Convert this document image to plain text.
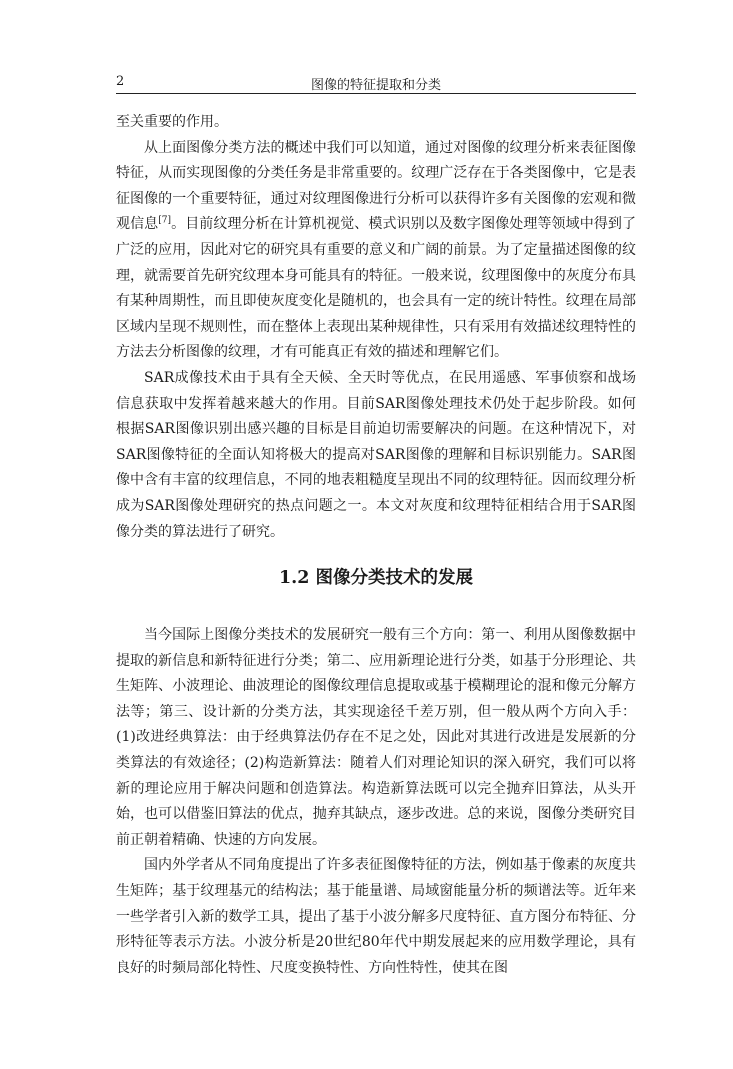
2	图像的特征提取和分类

至关重要的作用。

从上面图像分类方法的概述中我们可以知道，通过对图像的纹理分析来表征图像特征，从而实现图像的分类任务是非常重要的。纹理广泛存在于各类图像中，它是表征图像的一个重要特征，通过对纹理图像进行分析可以获得许多有关图像的宏观和微观信息[7]。目前纹理分析在计算机视觉、模式识别以及数字图像处理等领域中得到了广泛的应用，因此对它的研究具有重要的意义和广阔的前景。为了定量描述图像的纹理，就需要首先研究纹理本身可能具有的特征。一般来说，纹理图像中的灰度分布具有某种周期性，而且即使灰度变化是随机的，也会具有一定的统计特性。纹理在局部区域内呈现不规则性，而在整体上表现出某种规律性，只有采用有效描述纹理特性的方法去分析图像的纹理，才有可能真正有效的描述和理解它们。

SAR成像技术由于具有全天候、全天时等优点，在民用遥感、军事侦察和战场信息获取中发挥着越来越大的作用。目前SAR图像处理技术仍处于起步阶段。如何根据SAR图像识别出感兴趣的目标是目前迫切需要解决的问题。在这种情况下，对SAR图像特征的全面认知将极大的提高对SAR图像的理解和目标识别能力。SAR图像中含有丰富的纹理信息，不同的地表粗糙度呈现出不同的纹理特征。因而纹理分析成为SAR图像处理研究的热点问题之一。本文对灰度和纹理特征相结合用于SAR图像分类的算法进行了研究。

1.2 图像分类技术的发展

当今国际上图像分类技术的发展研究一般有三个方向：第一、利用从图像数据中提取的新信息和新特征进行分类；第二、应用新理论进行分类，如基于分形理论、共生矩阵、小波理论、曲波理论的图像纹理信息提取或基于模糊理论的混和像元分解方法等；第三、设计新的分类方法，其实现途径千差万别，但一般从两个方向入手：(1)改进经典算法：由于经典算法仍存在不足之处，因此对其进行改进是发展新的分类算法的有效途径；(2)构造新算法：随着人们对理论知识的深入研究，我们可以将新的理论应用于解决问题和创造算法。构造新算法既可以完全抛弃旧算法，从头开始，也可以借鉴旧算法的优点，抛弃其缺点，逐步改进。总的来说，图像分类研究目前正朝着精确、快速的方向发展。

国内外学者从不同角度提出了许多表征图像特征的方法，例如基于像素的灰度共生矩阵；基于纹理基元的结构法；基于能量谱、局域窗能量分析的频谱法等。近年来一些学者引入新的数学工具，提出了基于小波分解多尺度特征、直方图分布特征、分形特征等表示方法。小波分析是20世纪80年代中期发展起来的应用数学理论，具有良好的时频局部化特性、尺度变换特性、方向性特性，使其在图
